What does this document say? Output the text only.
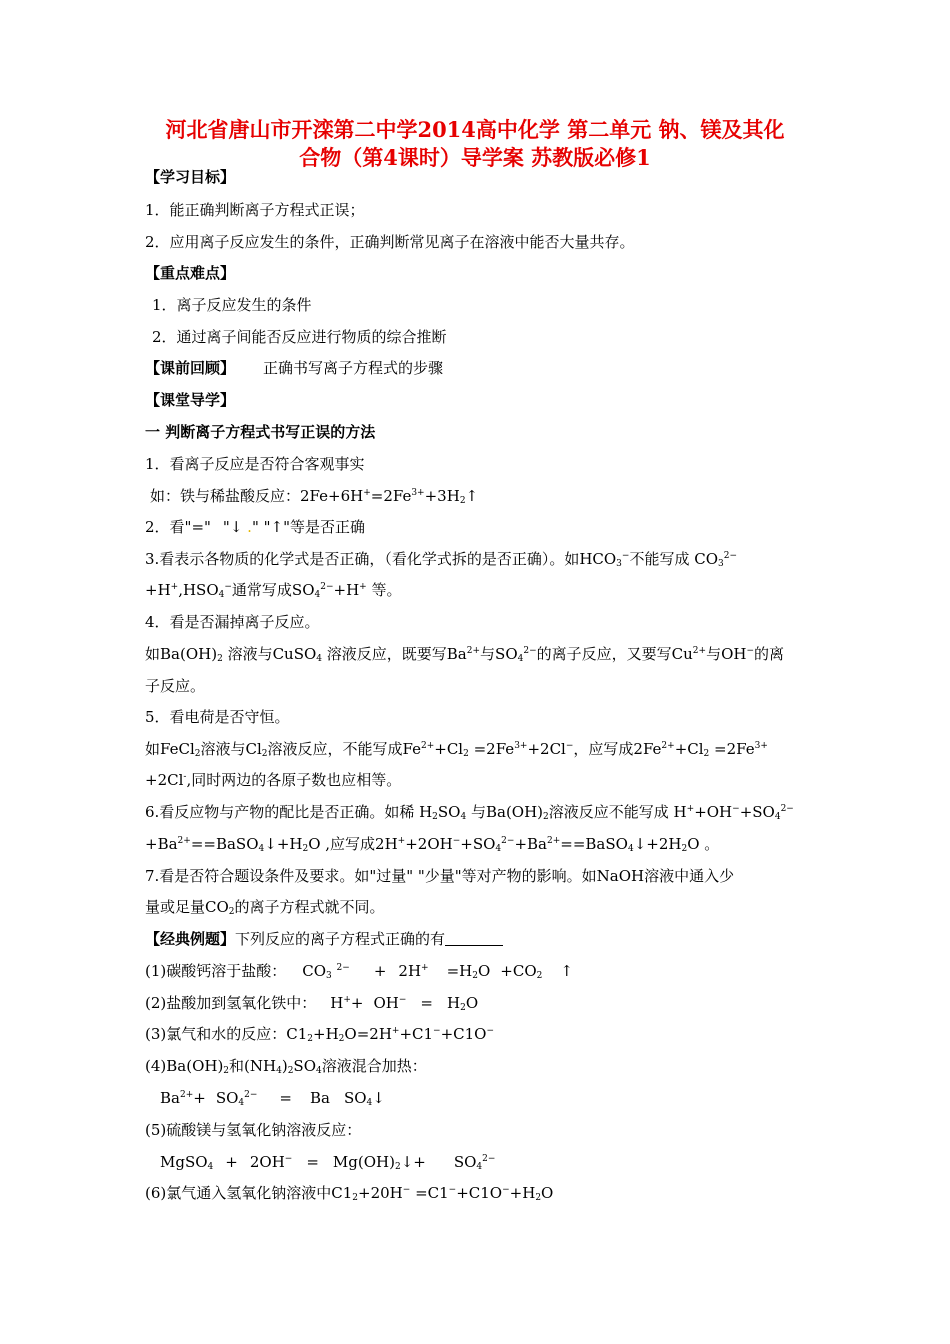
河北省唐山市开滦第二中学2014高中化学 第二单元 钠、镁及其化
合物（第4课时）导学案 苏教版必修1
【学习目标】
1．能正确判断离子方程式正误；
2．应用离子反应发生的条件，正确判断常见离子在溶液中能否大量共存。
【重点难点】
1．离子反应发生的条件
2．通过离子间能否反应进行物质的综合推断
【课前回顾】 正确书写离子方程式的步骤
【课堂导学】
一 判断离子方程式书写正误的方法
1．看离子反应是否符合客观事实
如：铁与稀盐酸反应：$2Fe+6H^+=2Fe^{3+}+3H_2↑$
2．看"=" "↓ ." "↑"等是否正确
3.看表示各物质的化学式是否正确，（看化学式拆的是否正确）。如$HCO_3^-$不能写成 $CO_3^{2-}$
$+H^+,HSO_4^-$通常写成$SO_4^{2-}+H^+$ 等。
4．看是否漏掉离子反应。
如$Ba(OH)_2$ 溶液与CuSO$_4$ 溶液反应，既要写$Ba^{2+}$与$SO_4^{2-}$的离子反应，又要写$Cu^{2+}$与OH−的离
子反应。
5．看电荷是否守恒。
如FeCl$_2$溶液与$Cl_2$溶液反应，不能写成$Fe^{2+}+Cl_2 =2Fe^{3+}+2Cl^-$，应写成$2Fe^{2+}+Cl_2 =2Fe^{3+}$
+2Cl-,同时两边的各原子数也应相等。
6.看反应物与产物的配比是否正确。如稀 $H_2SO_4$ 与$Ba(OH)_2$溶液反应不能写成 $H^++OH^-+SO_4^{2-}$
$+Ba^{2+}==BaSO_4↓+H_2O$ ,应写成$2H^++2OH^-+SO_4^{2-}+Ba^{2+}==BaSO_4↓+2H_2O$ 。
7.看是否符合题设条件及要求。如"过量" "少量"等对产物的影响。如NaOH溶液中通入少
量或足量$CO_2$的离子方程式就不同。
【经典例题】下列反应的离子方程式正确的有
(1)碳酸钙溶于盐酸： $CO_3$ $^{2-} + 2H^+ =H_2O +CO_2$ ↑
(2)盐酸加到氢氧化铁中： $H^++ OH^- = H_2O$
(3)氯气和水的反应：$C1_2+H_2O=2H^++C1^-+C1O^-$
$(4)Ba(OH)_2$和$(NH_4)_2SO_4$溶液混合加热：
$Ba^{2+}+ SO_4^{2-} = Ba$ $SO_4↓$
(5)硫酸镁与氢氧化钠溶液反应：
MgSO$_4$ + $2OH^- = Mg(OH)_2↓+ SO_4^{2-}$
(6)氯气通入氢氧化钠溶液中$C1_2+20H^- =C1^-+C1O^-+H_2O$
